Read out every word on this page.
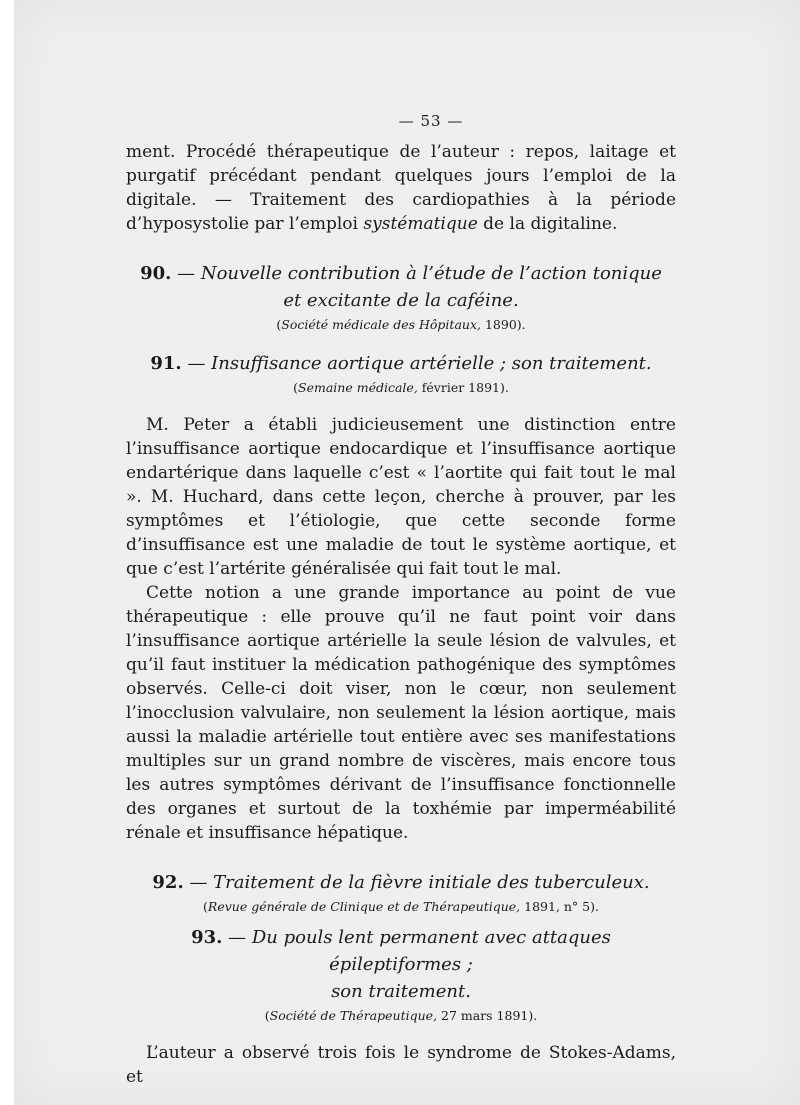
— 53 —

ment. Procédé thérapeutique de l’auteur : repos, laitage et purgatif précédant pendant quelques jours l’emploi de la digitale. — Traitement des cardiopathies à la période d’hyposystolie par l’emploi systématique de la digitaline.

90. — Nouvelle contribution à l’étude de l’action tonique
et excitante de la caféine.
(Société médicale des Hôpitaux, 1890).
91. — Insuffisance aortique artérielle ; son traitement.
(Semaine médicale, février 1891).

M. Peter a établi judicieusement une distinction entre l’insuffisance aortique endocardique et l’insuffisance aortique endartérique dans laquelle c’est « l’aortite qui fait tout le mal ». M. Huchard, dans cette leçon, cherche à prouver, par les symptômes et l’étiologie, que cette seconde forme d’insuffisance est une maladie de tout le système aortique, et que c’est l’artérite généralisée qui fait tout le mal.

Cette notion a une grande importance au point de vue thérapeutique : elle prouve qu’il ne faut point voir dans l’insuffisance aortique artérielle la seule lésion de valvules, et qu’il faut instituer la médication pathogénique des symptômes observés. Celle-ci doit viser, non le cœur, non seulement l’inocclusion valvulaire, non seulement la lésion aortique, mais aussi la maladie artérielle tout entière avec ses manifestations multiples sur un grand nombre de viscères, mais encore tous les autres symptômes dérivant de l’insuffisance fonctionnelle des organes et surtout de la toxhémie par imperméabilité rénale et insuffisance hépatique.

92. — Traitement de la fièvre initiale des tuberculeux.
(Revue générale de Clinique et de Thérapeutique, 1891, n° 5).
93. — Du pouls lent permanent avec attaques épileptiformes ;
son traitement.
(Société de Thérapeutique, 27 mars 1891).

L’auteur a observé trois fois le syndrome de Stokes-Adams, et
